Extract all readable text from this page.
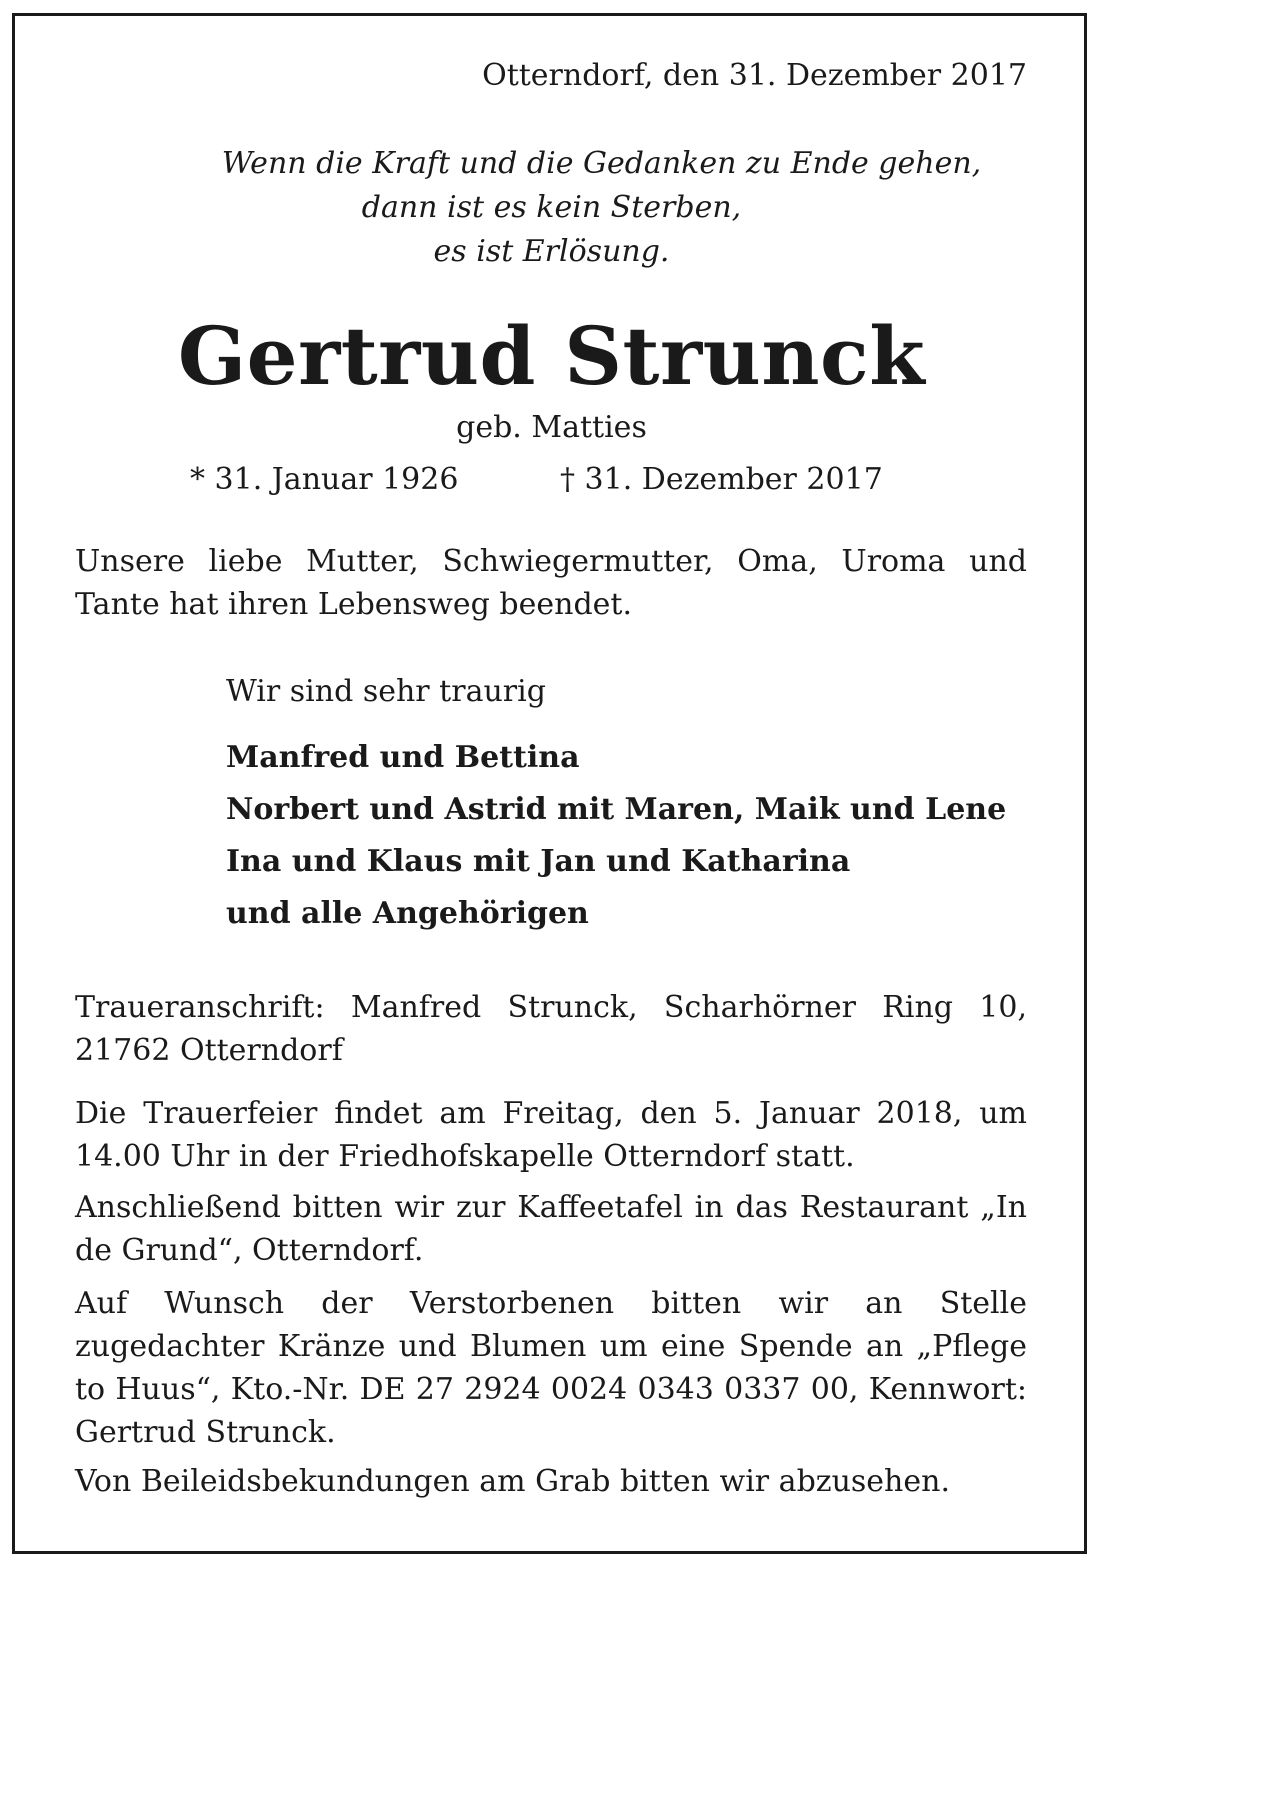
Otterndorf, den 31. Dezember 2017

Wenn die Kraft und die Gedanken zu Ende gehen,
dann ist es kein Sterben,
es ist Erlösung.
Gertrud Strunck

geb. Matties

* 31. Januar 1926	† 31. Dezember 2017

Unsere liebe Mutter, Schwiegermutter, Oma, Uroma und Tante hat ihren Lebensweg beendet.

Wir sind sehr traurig
Manfred und Bettina
Norbert und Astrid mit Maren, Maik und Lene
Ina und Klaus mit Jan und Katharina
und alle Angehörigen

Traueranschrift: Manfred Strunck, Scharhörner Ring 10, 21762 Otterndorf

Die Trauerfeier findet am Freitag, den 5. Januar 2018, um 14.00 Uhr in der Friedhofskapelle Otterndorf statt.

Anschließend bitten wir zur Kaffeetafel in das Restaurant „In de Grund“, Otterndorf.

Auf Wunsch der Verstorbenen bitten wir an Stelle zugedachter Kränze und Blumen um eine Spende an „Pflege to Huus“, Kto.-Nr. DE 27 2924 0024 0343 0337 00, Kennwort: Gertrud Strunck.

Von Beileidsbekundungen am Grab bitten wir abzusehen.
